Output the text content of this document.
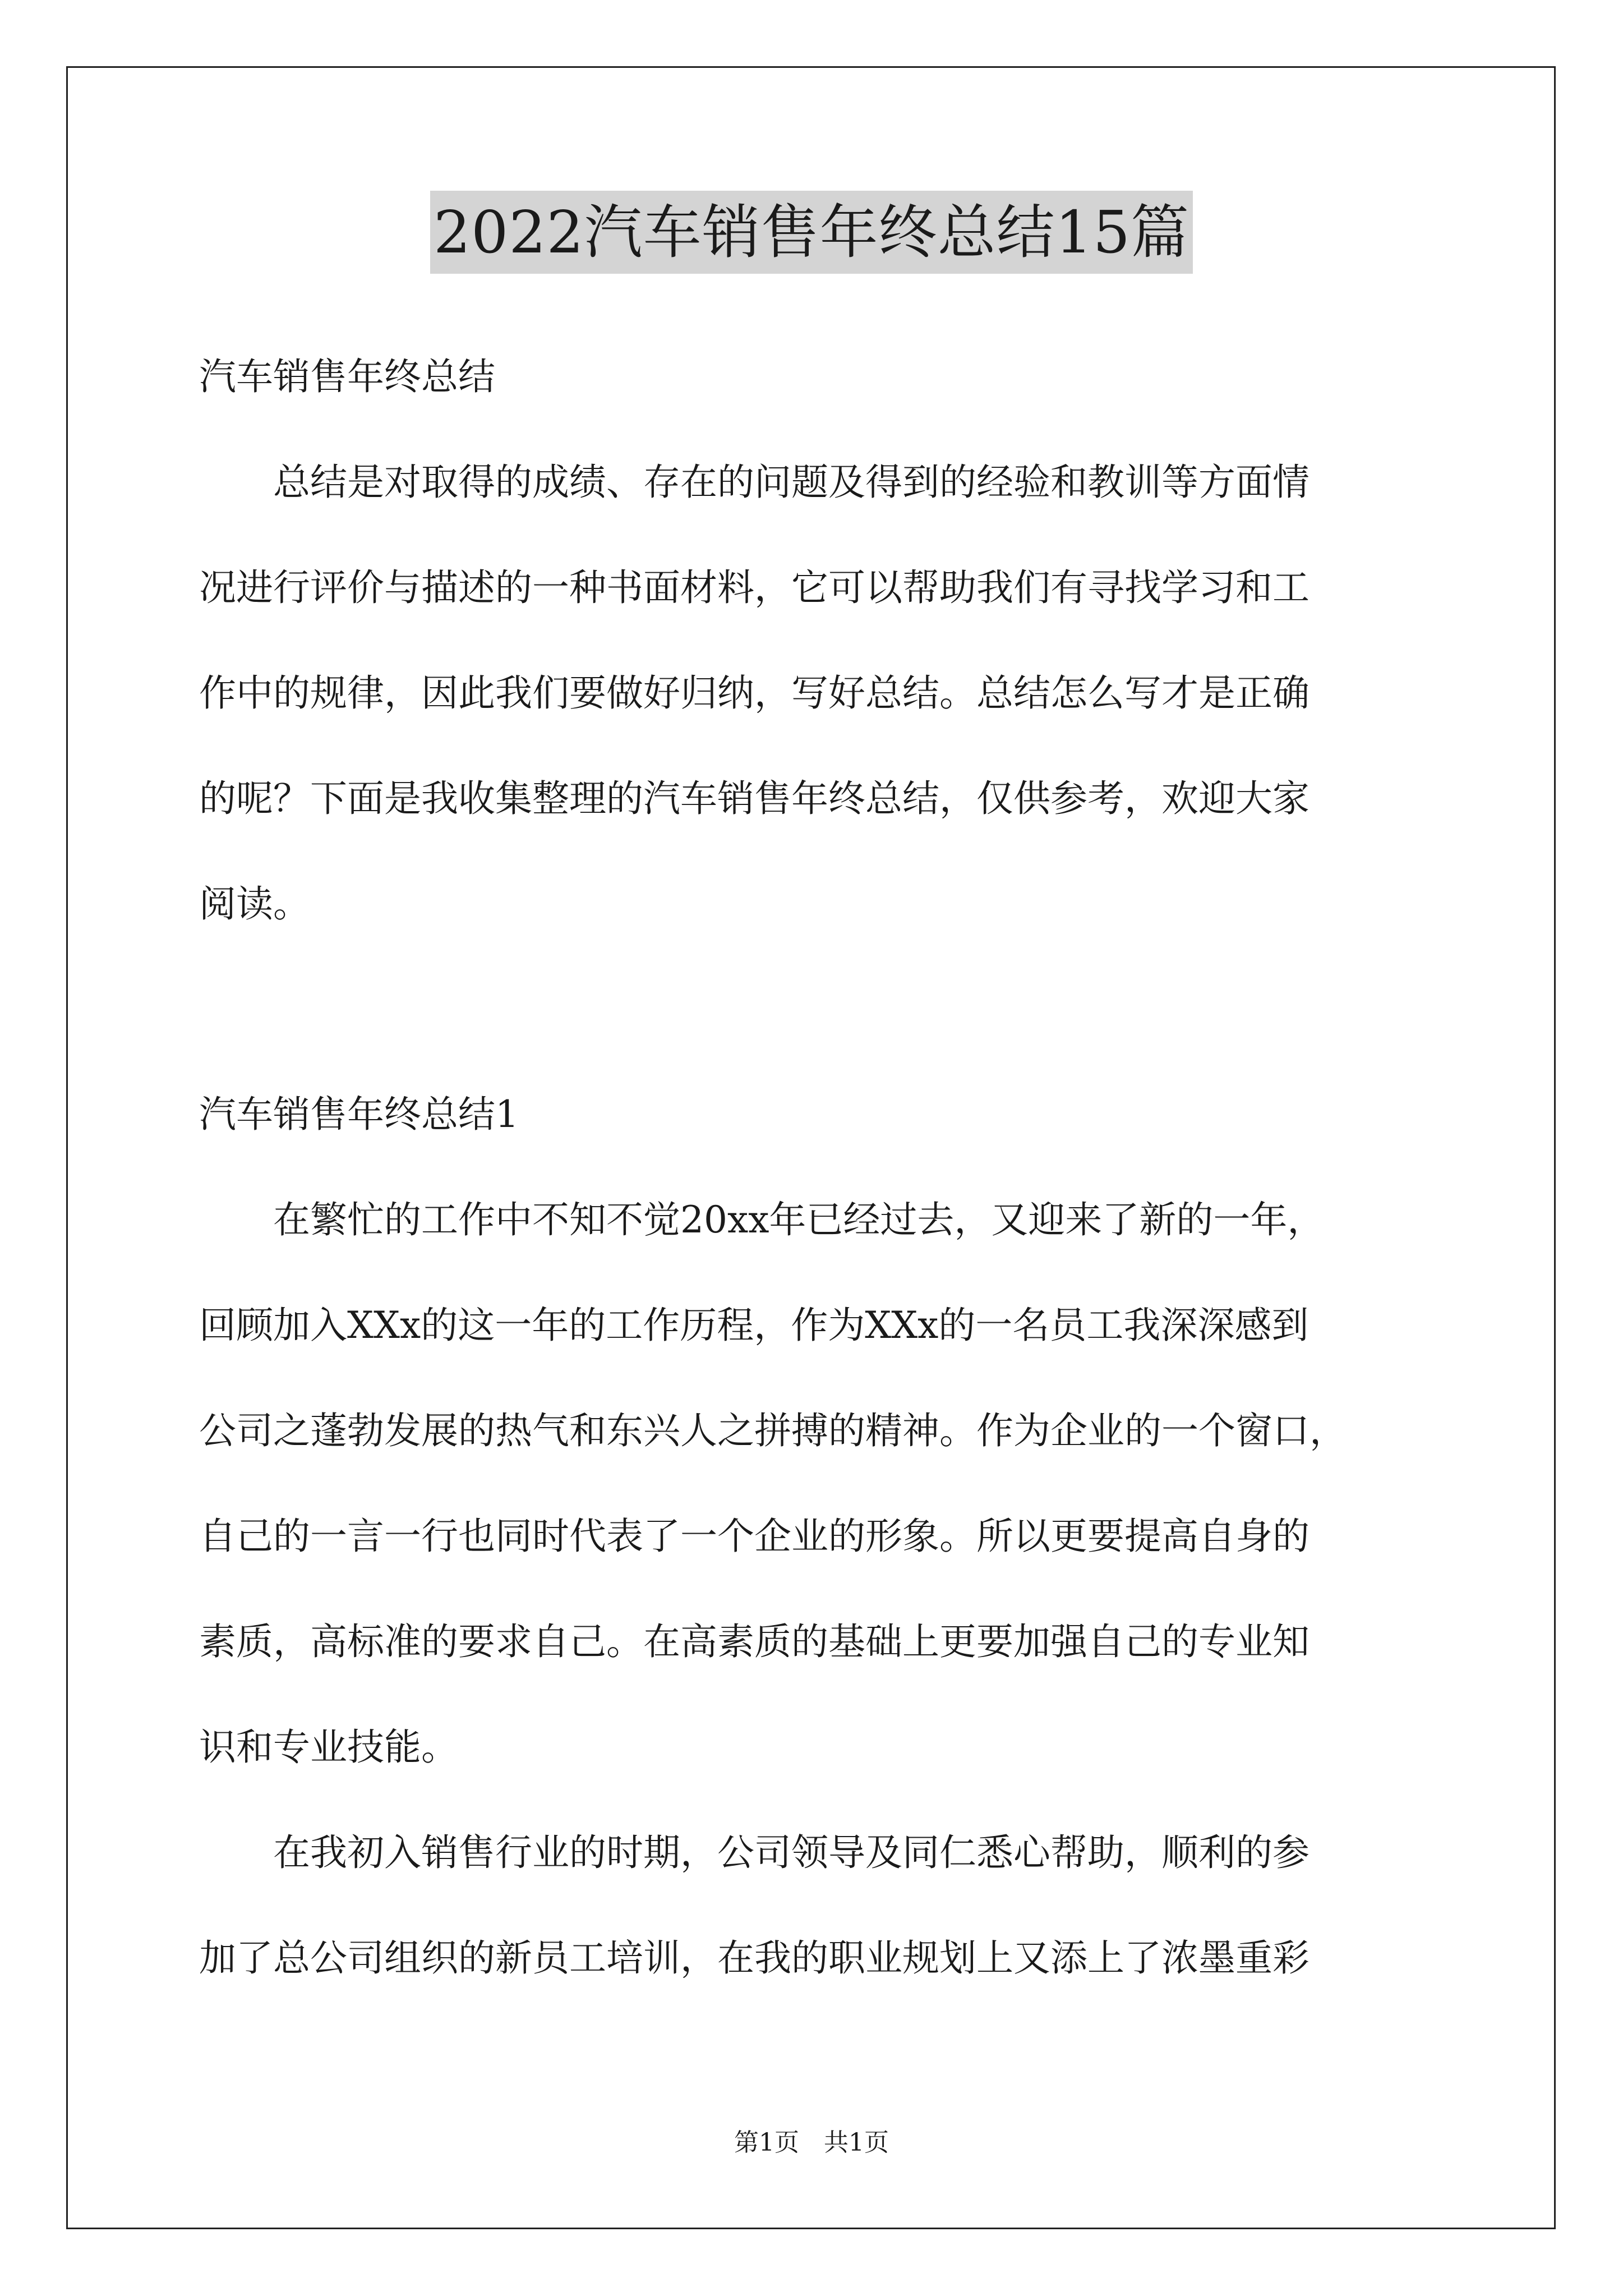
2022汽车销售年终总结15篇
汽车销售年终总结
　　总结是对取得的成绩、存在的问题及得到的经验和教训等方面情
况进行评价与描述的一种书面材料，它可以帮助我们有寻找学习和工
作中的规律，因此我们要做好归纳，写好总结。总结怎么写才是正确
的呢？下面是我收集整理的汽车销售年终总结，仅供参考，欢迎大家
阅读。
汽车销售年终总结1
　　在繁忙的工作中不知不觉20xx年已经过去，又迎来了新的一年，
回顾加入XXx的这一年的工作历程，作为XXx的一名员工我深深感到
公司之蓬勃发展的热气和东兴人之拼搏的精神。作为企业的一个窗口，
自己的一言一行也同时代表了一个企业的形象。所以更要提高自身的
素质，高标准的要求自己。在高素质的基础上更要加强自己的专业知
识和专业技能。
　　在我初入销售行业的时期，公司领导及同仁悉心帮助，顺利的参
加了总公司组织的新员工培训，在我的职业规划上又添上了浓墨重彩
第1页　共1页
